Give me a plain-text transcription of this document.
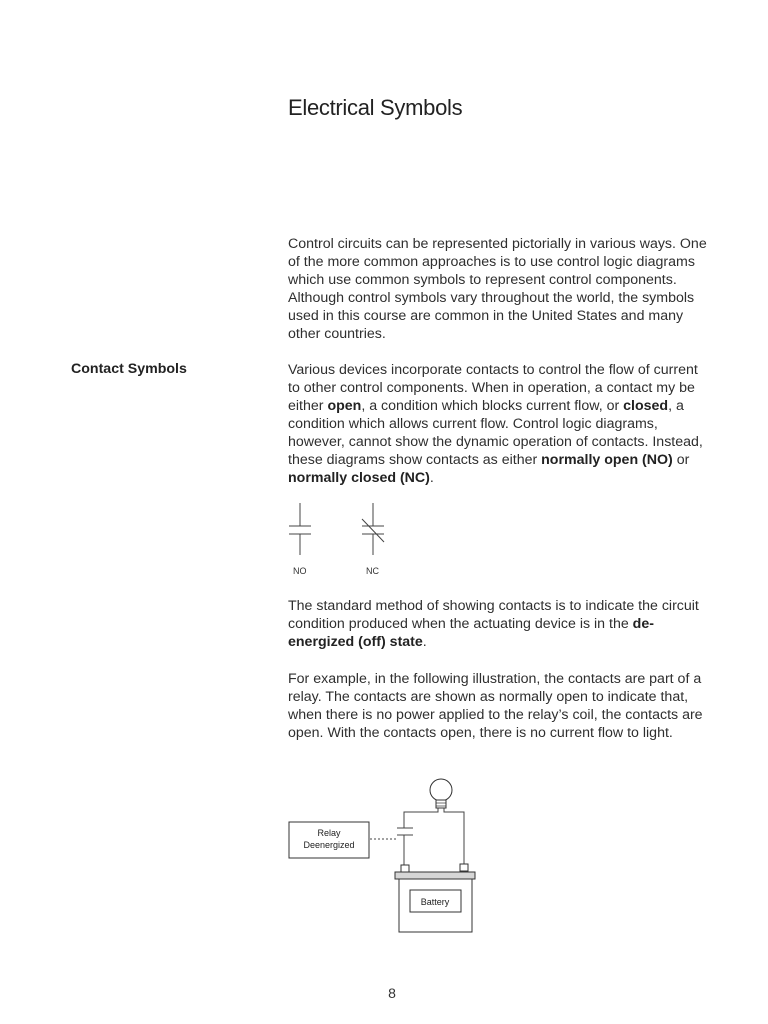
Electrical Symbols

Control circuits can be represented pictorially in various ways. One of the more common approaches is to use control logic diagrams which use common symbols to represent control components. Although control symbols vary throughout the world, the symbols used in this course are common in the United States and many other countries.

Contact Symbols	Various devices incorporate contacts to control the flow of current to other control components. When in operation, a contact my be either open, a condition which blocks current flow, or closed, a condition which allows current flow. Control logic diagrams, however, cannot show the dynamic operation of contacts. Instead, these diagrams show contacts as either normally open (NO) or normally closed (NC).

NO	NC

The standard method of showing contacts is to indicate the circuit condition produced when the actuating device is in the de-energized (off) state.

For example, in the following illustration, the contacts are part of a relay. The contacts are shown as normally open to indicate that, when there is no power applied to the relay’s coil, the contacts are open. With the contacts open, there is no current flow to light.

Relay
Deenergized
Battery
8
